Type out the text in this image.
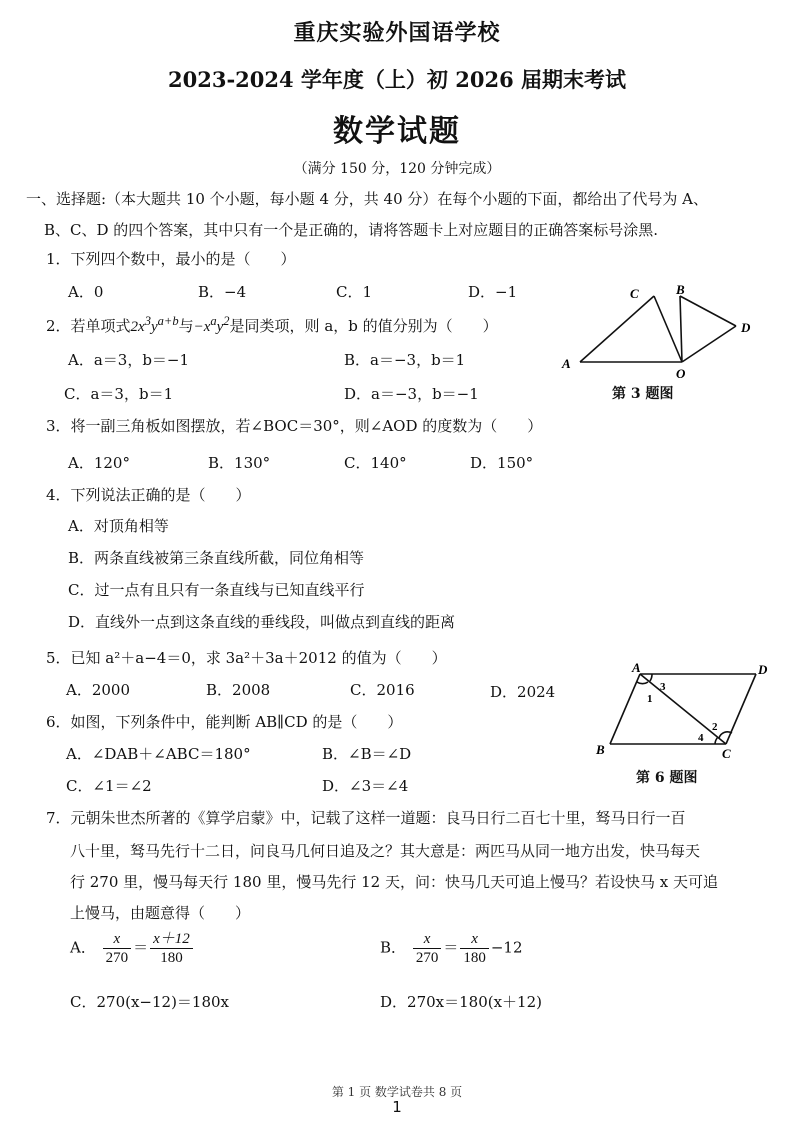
重庆实验外国语学校
2023-2024 学年度（上）初 2026 届期末考试
数学试题
（满分 150 分，120 分钟完成）
一、选择题:（本大题共 10 个小题，每小题 4 分，共 40 分）在每个小题的下面，都给出了代号为 A、
B、C、D 的四个答案，其中只有一个是正确的，请将答题卡上对应题目的正确答案标号涂黑.
1．下列四个数中，最小的是（　　）
A．0	B．−4	C．1	D．−1
2．若单项式$2x^3y^{a+b}$与$-x^ay^2$是同类项，则 a，b 的值分别为（　　）
A．a＝3，b＝−1	B．a＝−3，b＝1
C．a＝3，b＝1	D．a＝−3，b＝−1
A
C	B
D
O
第 3 题图
3．将一副三角板如图摆放，若∠BOC＝30°，则∠AOD 的度数为（　　）
A．120°	B．130°	C．140°	D．150°
4．下列说法正确的是（　　）
A．对顶角相等
B．两条直线被第三条直线所截，同位角相等
C．过一点有且只有一条直线与已知直线平行
D．直线外一点到这条直线的垂线段，叫做点到直线的距离
A	D
B	C
1
3
2
4
第 6 题图
5．已知 a²＋a−4＝0，求 3a²＋3a＋2012 的值为（　　）
A．2000	B．2008	C．2016	D．2024
6．如图，下列条件中，能判断 AB∥CD 的是（　　）
A．∠DAB＋∠ABC＝180°	B．∠B＝∠D
C．∠1＝∠2	D．∠3＝∠4
7．元朝朱世杰所著的《算学启蒙》中，记载了这样一道题：良马日行二百七十里，驽马日行一百
八十里，驽马先行十二日，问良马几何日追及之？其大意是：两匹马从同一地方出发，快马每天
行 270 里，慢马每天行 180 里，慢马先行 12 天，问：快马几天可追上慢马？若设快马 x 天可追
上慢马，由题意得（　　）
A． $\frac{x}{270} = \frac{x+12}{180}$	B． $\frac{x}{270} = \frac{x}{180} -12$
C．270(x−12)＝180x	D．270x＝180(x＋12)
第 1 页 数学试卷共 8 页
1
